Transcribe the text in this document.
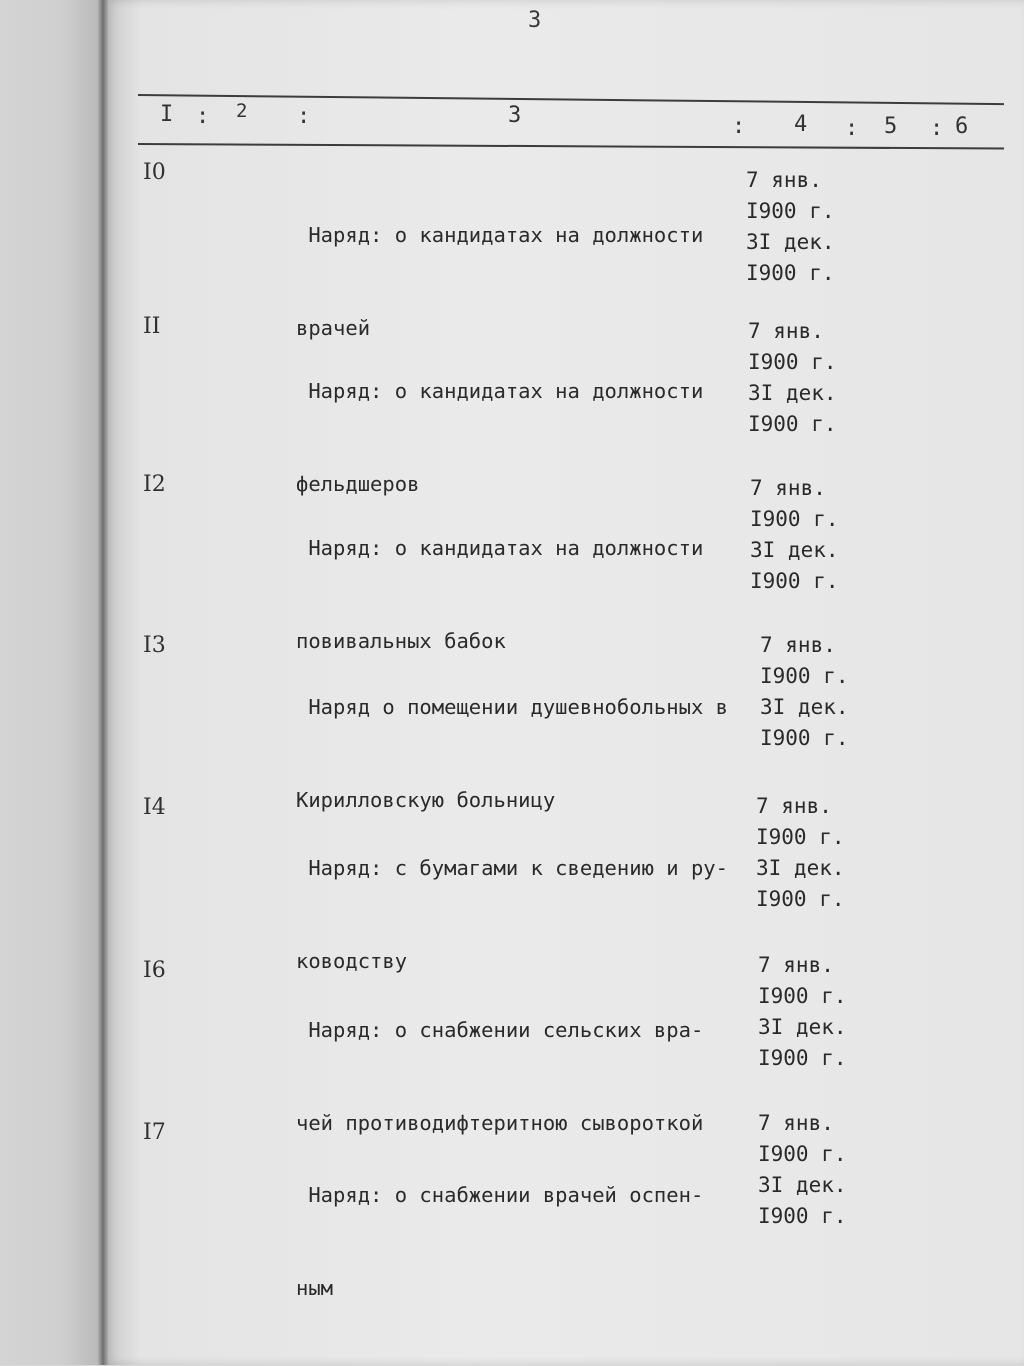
3
I : 2 :	3	: 4 : 5 : 6
I0

Наряд: о кандидатах на должности

врачей

7 янв.
I900 г.
3I дек.
I900 г.
II

Наряд: о кандидатах на должности

фельдшеров

7 янв.
I900 г.
3I дек.
I900 г.
I2

Наряд: о кандидатах на должности

повивальных бабок

7 янв.
I900 г.
3I дек.
I900 г.
I3

Наряд о помещении душевнобольных в

Кирилловскую больницу

7 янв.
I900 г.
3I дек.
I900 г.
I4

Наряд: с бумагами к сведению и ру-

ководству

7 янв.
I900 г.
3I дек.
I900 г.
I6

Наряд: о снабжении сельских вра-

чей противодифтеритною сывороткой

7 янв.
I900 г.
3I дек.
I900 г.
I7

Наряд: о снабжении врачей оспен-

ным

7 янв.
I900 г.
3I дек.
I900 г.
